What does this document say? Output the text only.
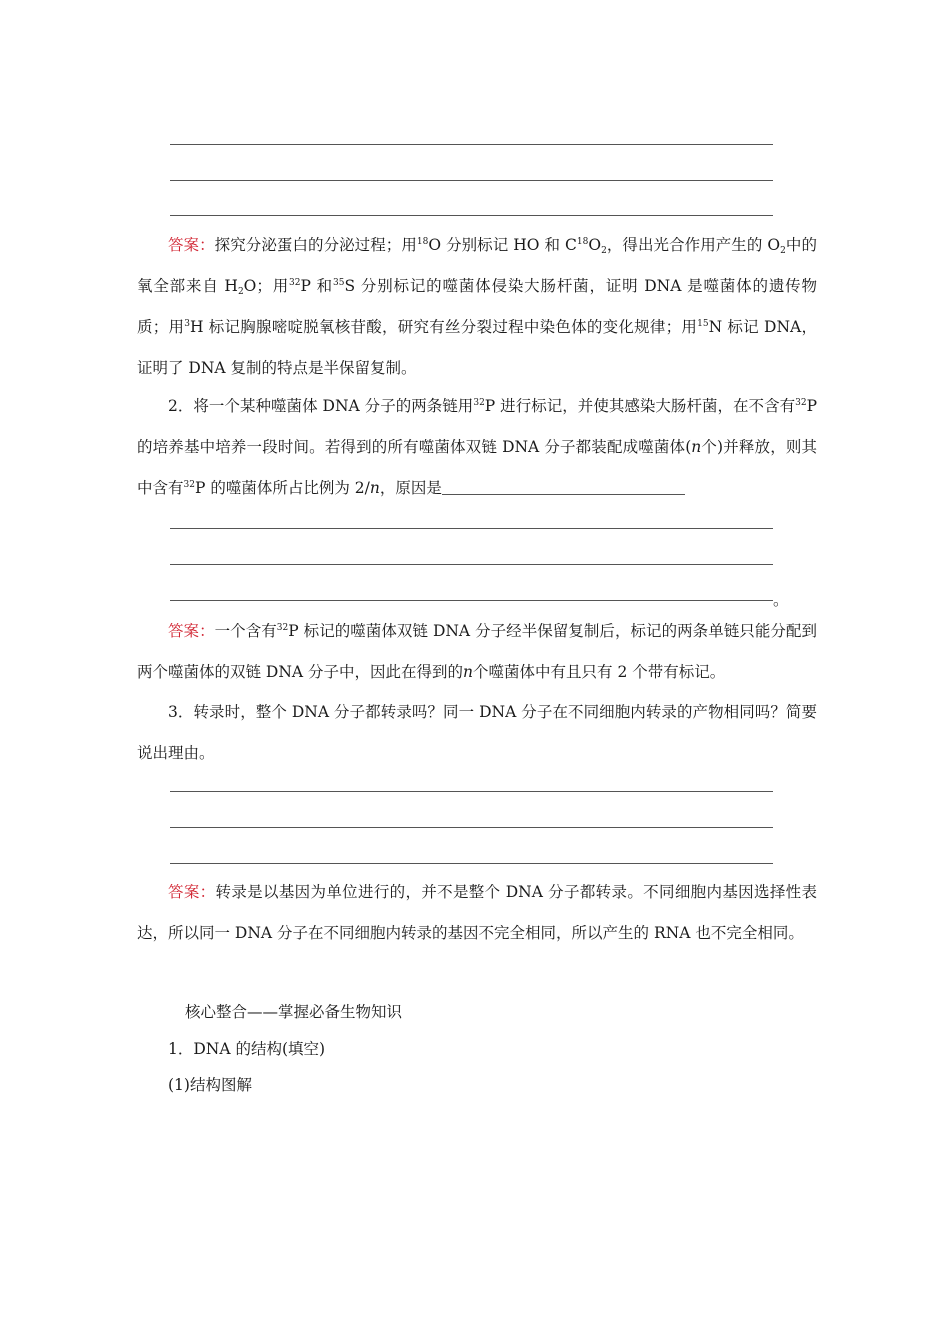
答案：探究分泌蛋白的分泌过程；用$^{18}$O 分别标记 HO 和 $C^{18}O_2$，得出光合作用产生的 $O_2$中的氧全部来自 $H_2O$；用$^{32}$P 和$^{35}$S 分别标记的噬菌体侵染大肠杆菌，证明 DNA 是噬菌体的遗传物质；用$^3$H 标记胸腺嘧啶脱氧核苷酸，研究有丝分裂过程中染色体的变化规律；用$^{15}$N 标记 DNA，证明了 DNA 复制的特点是半保留复制。

2．将一个某种噬菌体 DNA 分子的两条链用$^{32}$P 进行标记，并使其感染大肠杆菌，在不含有$^{32}$P 的培养基中培养一段时间。若得到的所有噬菌体双链 DNA 分子都装配成噬菌体(n个)并释放，则其中含有$^{32}$P 的噬菌体所占比例为 2/n，原因是

。

答案：一个含有$^{32}$P 标记的噬菌体双链 DNA 分子经半保留复制后，标记的两条单链只能分配到两个噬菌体的双链 DNA 分子中，因此在得到的n个噬菌体中有且只有 2 个带有标记。

3．转录时，整个 DNA 分子都转录吗？同一 DNA 分子在不同细胞内转录的产物相同吗？简要说出理由。

答案：转录是以基因为单位进行的，并不是整个 DNA 分子都转录。不同细胞内基因选择性表达，所以同一 DNA 分子在不同细胞内转录的基因不完全相同，所以产生的 RNA 也不完全相同。

核心整合——掌握必备生物知识

1．DNA 的结构(填空)

(1)结构图解
